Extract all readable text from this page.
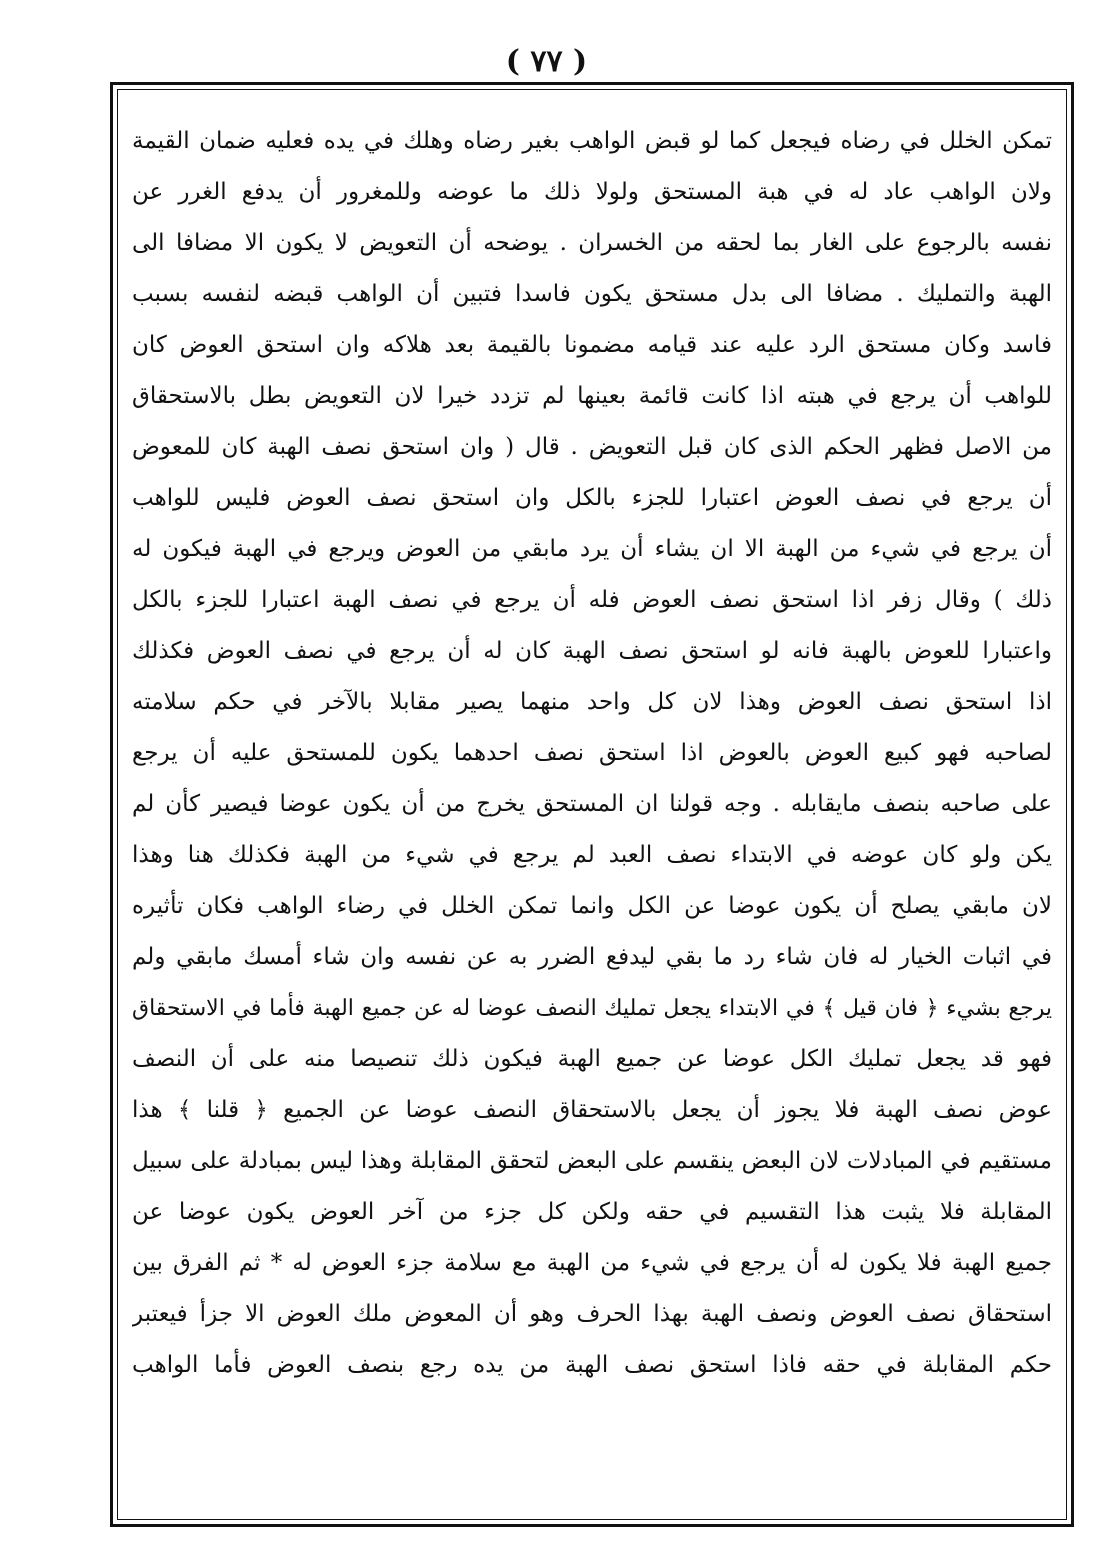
( ٧٧ )
تمكن الخلل في رضاه فيجعل كما لو قبض الواهب بغير رضاه وهلك في يده فعليه ضمان القيمة
ولان الواهب عاد له في هبة المستحق ولولا ذلك ما عوضه وللمغرور أن يدفع الغرر عن
نفسه بالرجوع على الغار بما لحقه من الخسران . يوضحه أن التعويض لا يكون الا مضافا الى
الهبة والتمليك . مضافا الى بدل مستحق يكون فاسدا فتبين أن الواهب قبضه لنفسه بسبب
فاسد وكان مستحق الرد عليه عند قيامه مضمونا بالقيمة بعد هلاكه وان استحق العوض كان
للواهب أن يرجع في هبته اذا كانت قائمة بعينها لم تزدد خيرا لان التعويض بطل بالاستحقاق
من الاصل فظهر الحكم الذى كان قبل التعويض . قال ( وان استحق نصف الهبة كان للمعوض
أن يرجع في نصف العوض اعتبارا للجزء بالكل وان استحق نصف العوض فليس للواهب
أن يرجع في شيء من الهبة الا ان يشاء أن يرد مابقي من العوض ويرجع في الهبة فيكون له
ذلك ) وقال زفر اذا استحق نصف العوض فله أن يرجع في نصف الهبة اعتبارا للجزء بالكل
واعتبارا للعوض بالهبة فانه لو استحق نصف الهبة كان له أن يرجع في نصف العوض فكذلك
اذا استحق نصف العوض وهذا لان كل واحد منهما يصير مقابلا بالآخر في حكم سلامته
لصاحبه فهو كبيع العوض بالعوض اذا استحق نصف احدهما يكون للمستحق عليه أن يرجع
على صاحبه بنصف مايقابله . وجه قولنا ان المستحق يخرج من أن يكون عوضا فيصير كأن لم
يكن ولو كان عوضه في الابتداء نصف العبد لم يرجع في شيء من الهبة فكذلك هنا وهذا
لان مابقي يصلح أن يكون عوضا عن الكل وانما تمكن الخلل في رضاء الواهب فكان تأثيره
في اثبات الخيار له فان شاء رد ما بقي ليدفع الضرر به عن نفسه وان شاء أمسك مابقي ولم
يرجع بشيء ﴿ فان قيل ﴾ في الابتداء يجعل تمليك النصف عوضا له عن جميع الهبة فأما في الاستحقاق
فهو قد يجعل تمليك الكل عوضا عن جميع الهبة فيكون ذلك تنصيصا منه على أن النصف
عوض نصف الهبة فلا يجوز أن يجعل بالاستحقاق النصف عوضا عن الجميع ﴿ قلنا ﴾ هذا
مستقيم في المبادلات لان البعض ينقسم على البعض لتحقق المقابلة وهذا ليس بمبادلة على سبيل
المقابلة فلا يثبت هذا التقسيم في حقه ولكن كل جزء من آخر العوض يكون عوضا عن
جميع الهبة فلا يكون له أن يرجع في شيء من الهبة مع سلامة جزء العوض له * ثم الفرق بين
استحقاق نصف العوض ونصف الهبة بهذا الحرف وهو أن المعوض ملك العوض الا جزأ فيعتبر
حكم المقابلة في حقه فاذا استحق نصف الهبة من يده رجع بنصف العوض فأما الواهب
